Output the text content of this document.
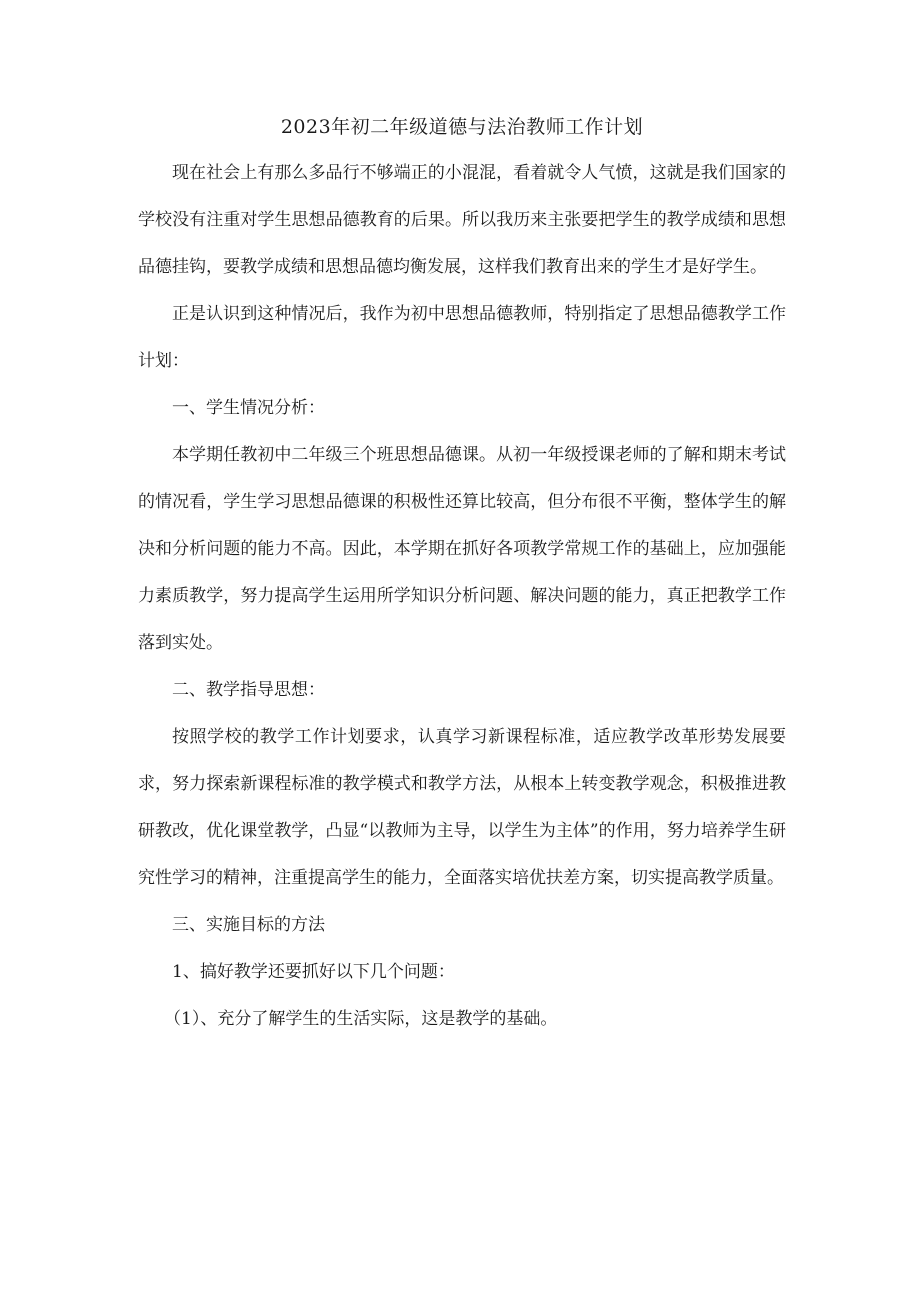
2023年初二年级道德与法治教师工作计划

现在社会上有那么多品行不够端正的小混混，看着就令人气愤，这就是我们国家的学校没有注重对学生思想品德教育的后果。所以我历来主张要把学生的教学成绩和思想品德挂钩，要教学成绩和思想品德均衡发展，这样我们教育出来的学生才是好学生。

正是认识到这种情况后，我作为初中思想品德教师，特别指定了思想品德教学工作计划：

一、学生情况分析：

本学期任教初中二年级三个班思想品德课。从初一年级授课老师的了解和期末考试的情况看，学生学习思想品德课的积极性还算比较高，但分布很不平衡，整体学生的解决和分析问题的能力不高。因此，本学期在抓好各项教学常规工作的基础上，应加强能力素质教学，努力提高学生运用所学知识分析问题、解决问题的能力，真正把教学工作落到实处。

二、教学指导思想：

按照学校的教学工作计划要求，认真学习新课程标准，适应教学改革形势发展要求，努力探索新课程标准的教学模式和教学方法，从根本上转变教学观念，积极推进教研教改，优化课堂教学，凸显“以教师为主导，以学生为主体”的作用，努力培养学生研究性学习的精神，注重提高学生的能力，全面落实培优扶差方案，切实提高教学质量。

三、实施目标的方法

1、搞好教学还要抓好以下几个问题：

（1）、充分了解学生的生活实际，这是教学的基础。
